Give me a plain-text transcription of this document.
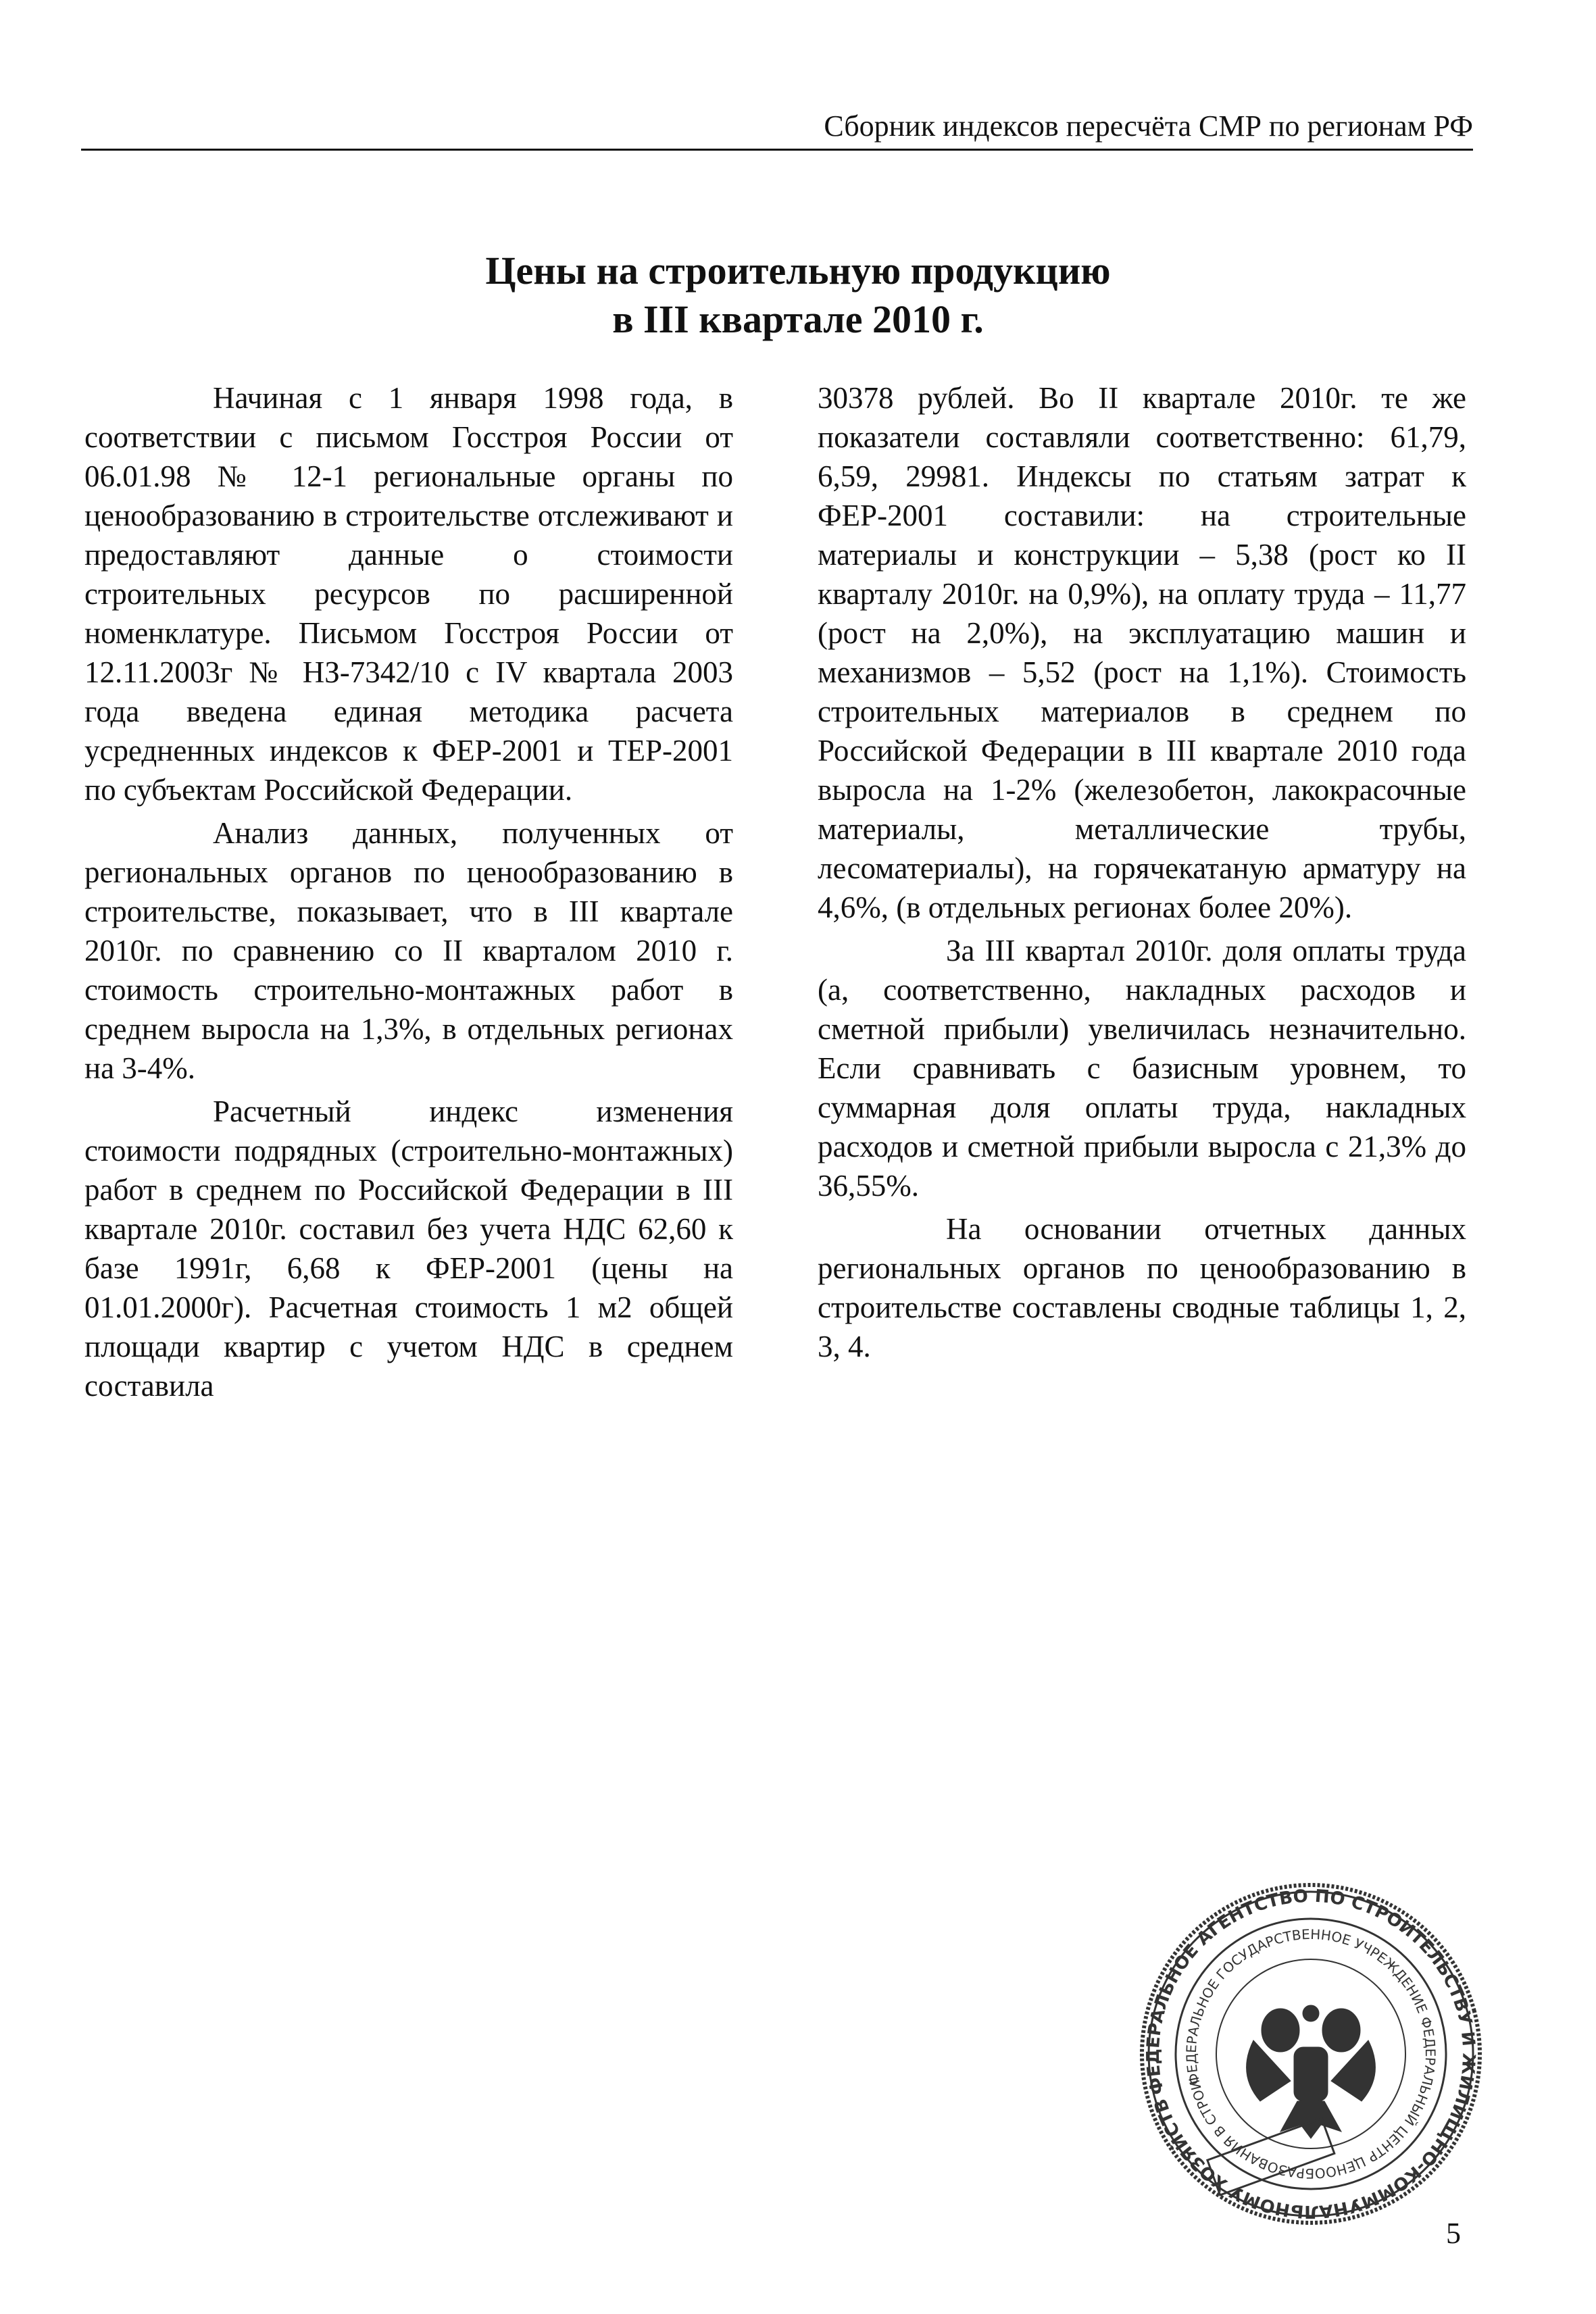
Сборник индексов пересчёта СМР по регионам РФ
Цены на строительную продукцию
в III квартале 2010 г.

Начиная с 1 января 1998 года, в соответствии с письмом Госстроя России от 06.01.98 № 12-1 региональные органы по ценообразованию в строительстве отслеживают и предоставляют данные о стоимости строительных ресурсов по расширенной номенклатуре. Письмом Госстроя России от 12.11.2003г № НЗ-7342/10 с IV квартала 2003 года введена единая методика расчета усредненных индексов к ФЕР-2001 и ТЕР-2001 по субъектам Российской Федерации.

Анализ данных, полученных от региональных органов по ценообразованию в строительстве, показывает, что в III квартале 2010г. по сравнению со II кварталом 2010 г. стоимость строительно-монтажных работ в среднем выросла на 1,3%, в отдельных регионах на 3-4%.

Расчетный индекс изменения стоимости подрядных (строительно-монтажных) работ в среднем по Российской Федерации в III квартале 2010г. составил без учета НДС 62,60 к базе 1991г, 6,68 к ФЕР-2001 (цены на 01.01.2000г). Расчетная стоимость 1 м2 общей площади квартир с учетом НДС в среднем составила

30378 рублей. Во II квартале 2010г. те же показатели составляли соответственно: 61,79, 6,59, 29981. Индексы по статьям затрат к ФЕР-2001 составили: на строительные материалы и конструкции – 5,38 (рост ко II кварталу 2010г. на 0,9%), на оплату труда – 11,77 (рост на 2,0%), на эксплуатацию машин и механизмов – 5,52 (рост на 1,1%). Стоимость строительных материалов в среднем по Российской Федерации в III квартале 2010 года выросла на 1-2% (железобетон, лакокрасочные материалы, металлические трубы, лесоматериалы), на горячекатаную арматуру на 4,6%, (в отдельных регионах более 20%).

За III квартал 2010г. доля оплаты труда (а, соответственно, накладных расходов и сметной прибыли) увеличилась незначительно. Если сравнивать с базисным уровнем, то суммарная доля оплаты труда, накладных расходов и сметной прибыли выросла с 21,3% до 36,55%.

На основании отчетных данных региональных органов по ценообразованию в строительстве составлены сводные таблицы 1, 2, 3, 4.

ФЕДЕРАЛЬНОЕ АГЕНТСТВО ПО СТРОИТЕЛЬСТВУ И ЖИЛИЩНО-КОММУНАЛЬНОМУ ХОЗЯЙСТВУ
ФЕДЕРАЛЬНОЕ ГОСУДАРСТВЕННОЕ УЧРЕЖДЕНИЕ ФЕДЕРАЛЬНЫЙ ЦЕНТР ЦЕНООБРАЗОВАНИЯ В СТРОИТЕЛЬСТВЕ
5
